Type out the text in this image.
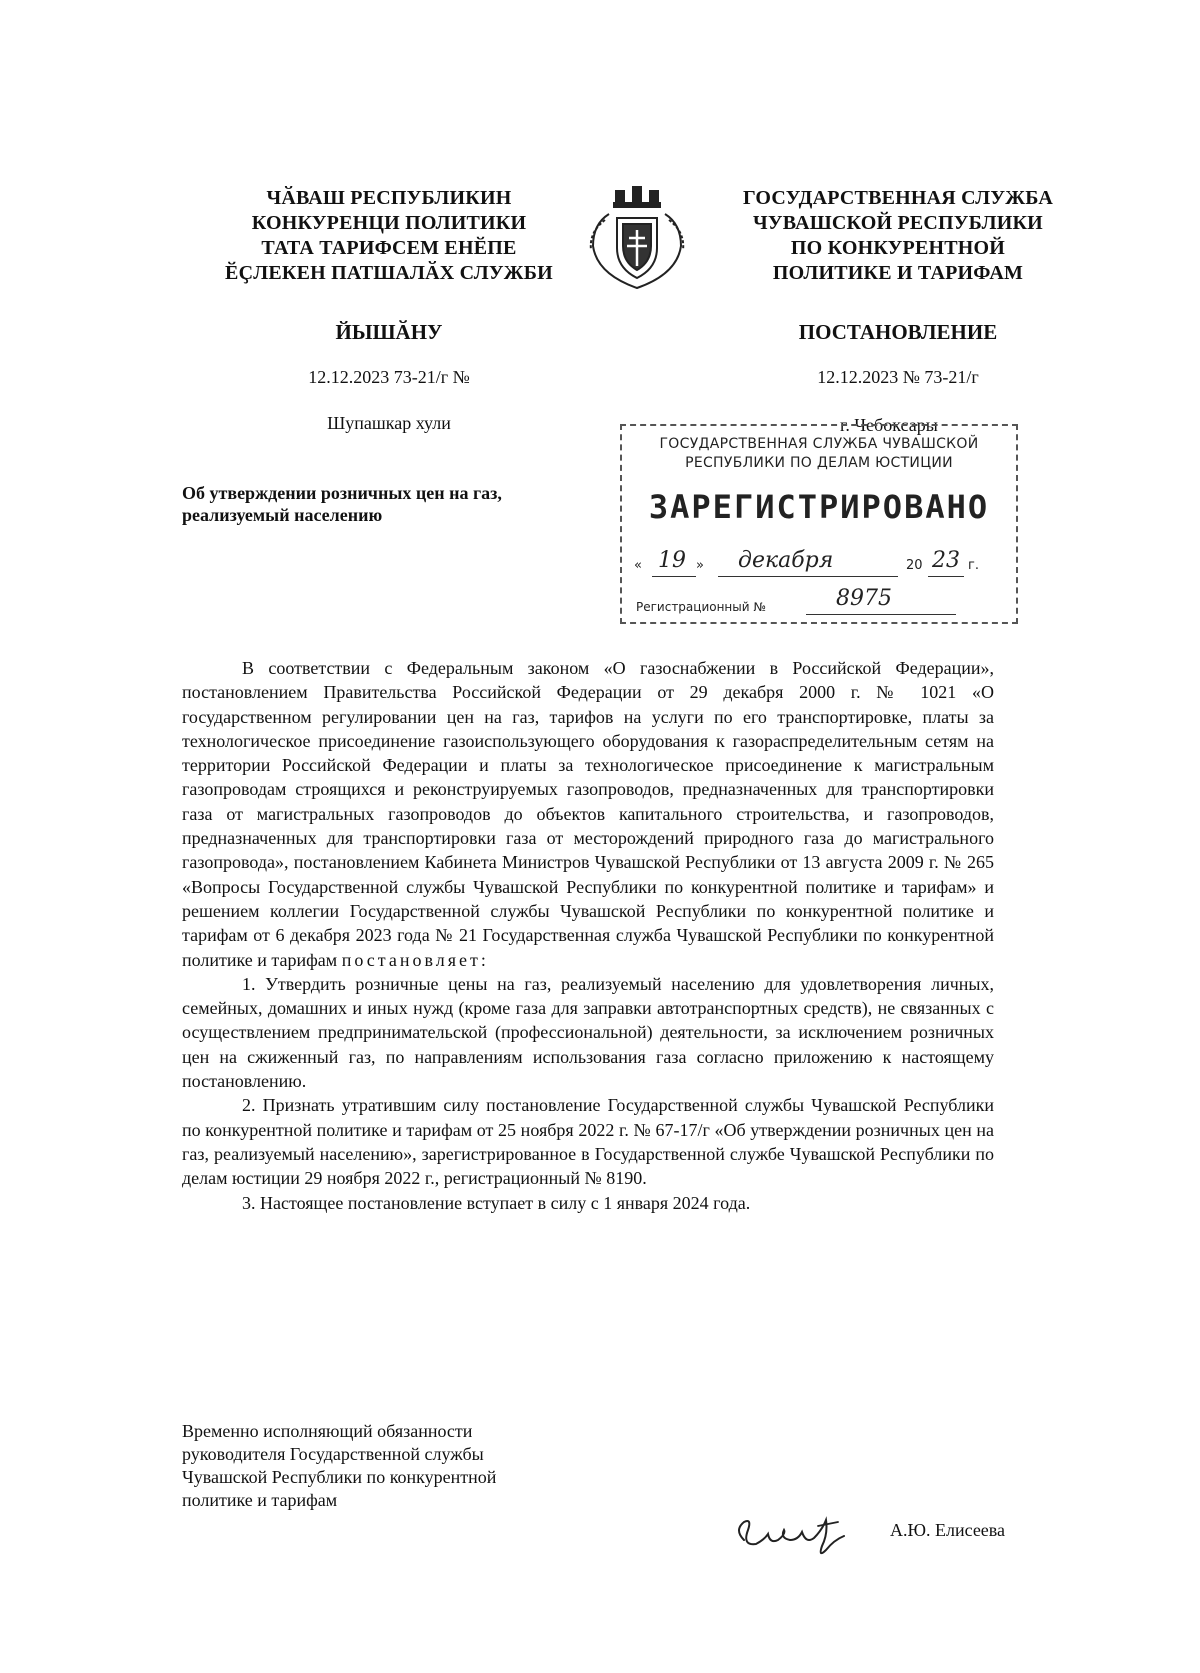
ЧӐВАШ РЕСПУБЛИКИН
КОНКУРЕНЦИ ПОЛИТИКИ
ТАТА ТАРИФСЕМ ЕНӖПЕ
ӖҪЛЕКЕН ПАТШАЛӐХ СЛУЖБИ
ГОСУДАРСТВЕННАЯ СЛУЖБА
ЧУВАШСКОЙ РЕСПУБЛИКИ
ПО КОНКУРЕНТНОЙ
ПОЛИТИКЕ И ТАРИФАМ
ЙЫШӐНУ	ПОСТАНОВЛЕНИЕ
12.12.2023 73-21/г №	12.12.2023 № 73-21/г
Шупашкар хули	г. Чебоксары
Об утверждении розничных цен на газ, реализуемый населению
ГОСУДАРСТВЕННАЯ СЛУЖБА ЧУВАШСКОЙ
РЕСПУБЛИКИ ПО ДЕЛАМ ЮСТИЦИИ
ЗАРЕГИСТРИРОВАНО
« 19 » декабря	20 23 г.
Регистрационный №	8975

В соответствии с Федеральным законом «О газоснабжении в Российской Федерации», постановлением Правительства Российской Федерации от 29 декабря 2000 г. № 1021 «О государственном регулировании цен на газ, тарифов на услуги по его транспортировке, платы за технологическое присоединение газоиспользующего оборудования к газораспределительным сетям на территории Российской Федерации и платы за технологическое присоединение к магистральным газопроводам строящихся и реконструируемых газопроводов, предназначенных для транспортировки газа от магистральных газопроводов до объектов капитального строительства, и газопроводов, предназначенных для транспортировки газа от месторождений природного газа до магистрального газопровода», постановлением Кабинета Министров Чувашской Республики от 13 августа 2009 г. № 265 «Вопросы Государственной службы Чувашской Республики по конкурентной политике и тарифам» и решением коллегии Государственной службы Чувашской Республики по конкурентной политике и тарифам от 6 декабря 2023 года № 21 Государственная служба Чувашской Республики по конкурентной политике и тарифам постановляет:

1. Утвердить розничные цены на газ, реализуемый населению для удовлетворения личных, семейных, домашних и иных нужд (кроме газа для заправки автотранспортных средств), не связанных с осуществлением предпринимательской (профессиональной) деятельности, за исключением розничных цен на сжиженный газ, по направлениям использования газа согласно приложению к настоящему постановлению.

2. Признать утратившим силу постановление Государственной службы Чувашской Республики по конкурентной политике и тарифам от 25 ноября 2022 г. № 67-17/г «Об утверждении розничных цен на газ, реализуемый населению», зарегистрированное в Государственной службе Чувашской Республики по делам юстиции 29 ноября 2022 г., регистрационный № 8190.

3. Настоящее постановление вступает в силу с 1 января 2024 года.

Временно исполняющий обязанности
руководителя Государственной службы
Чувашской Республики по конкурентной
политике и тарифам
А.Ю. Елисеева
